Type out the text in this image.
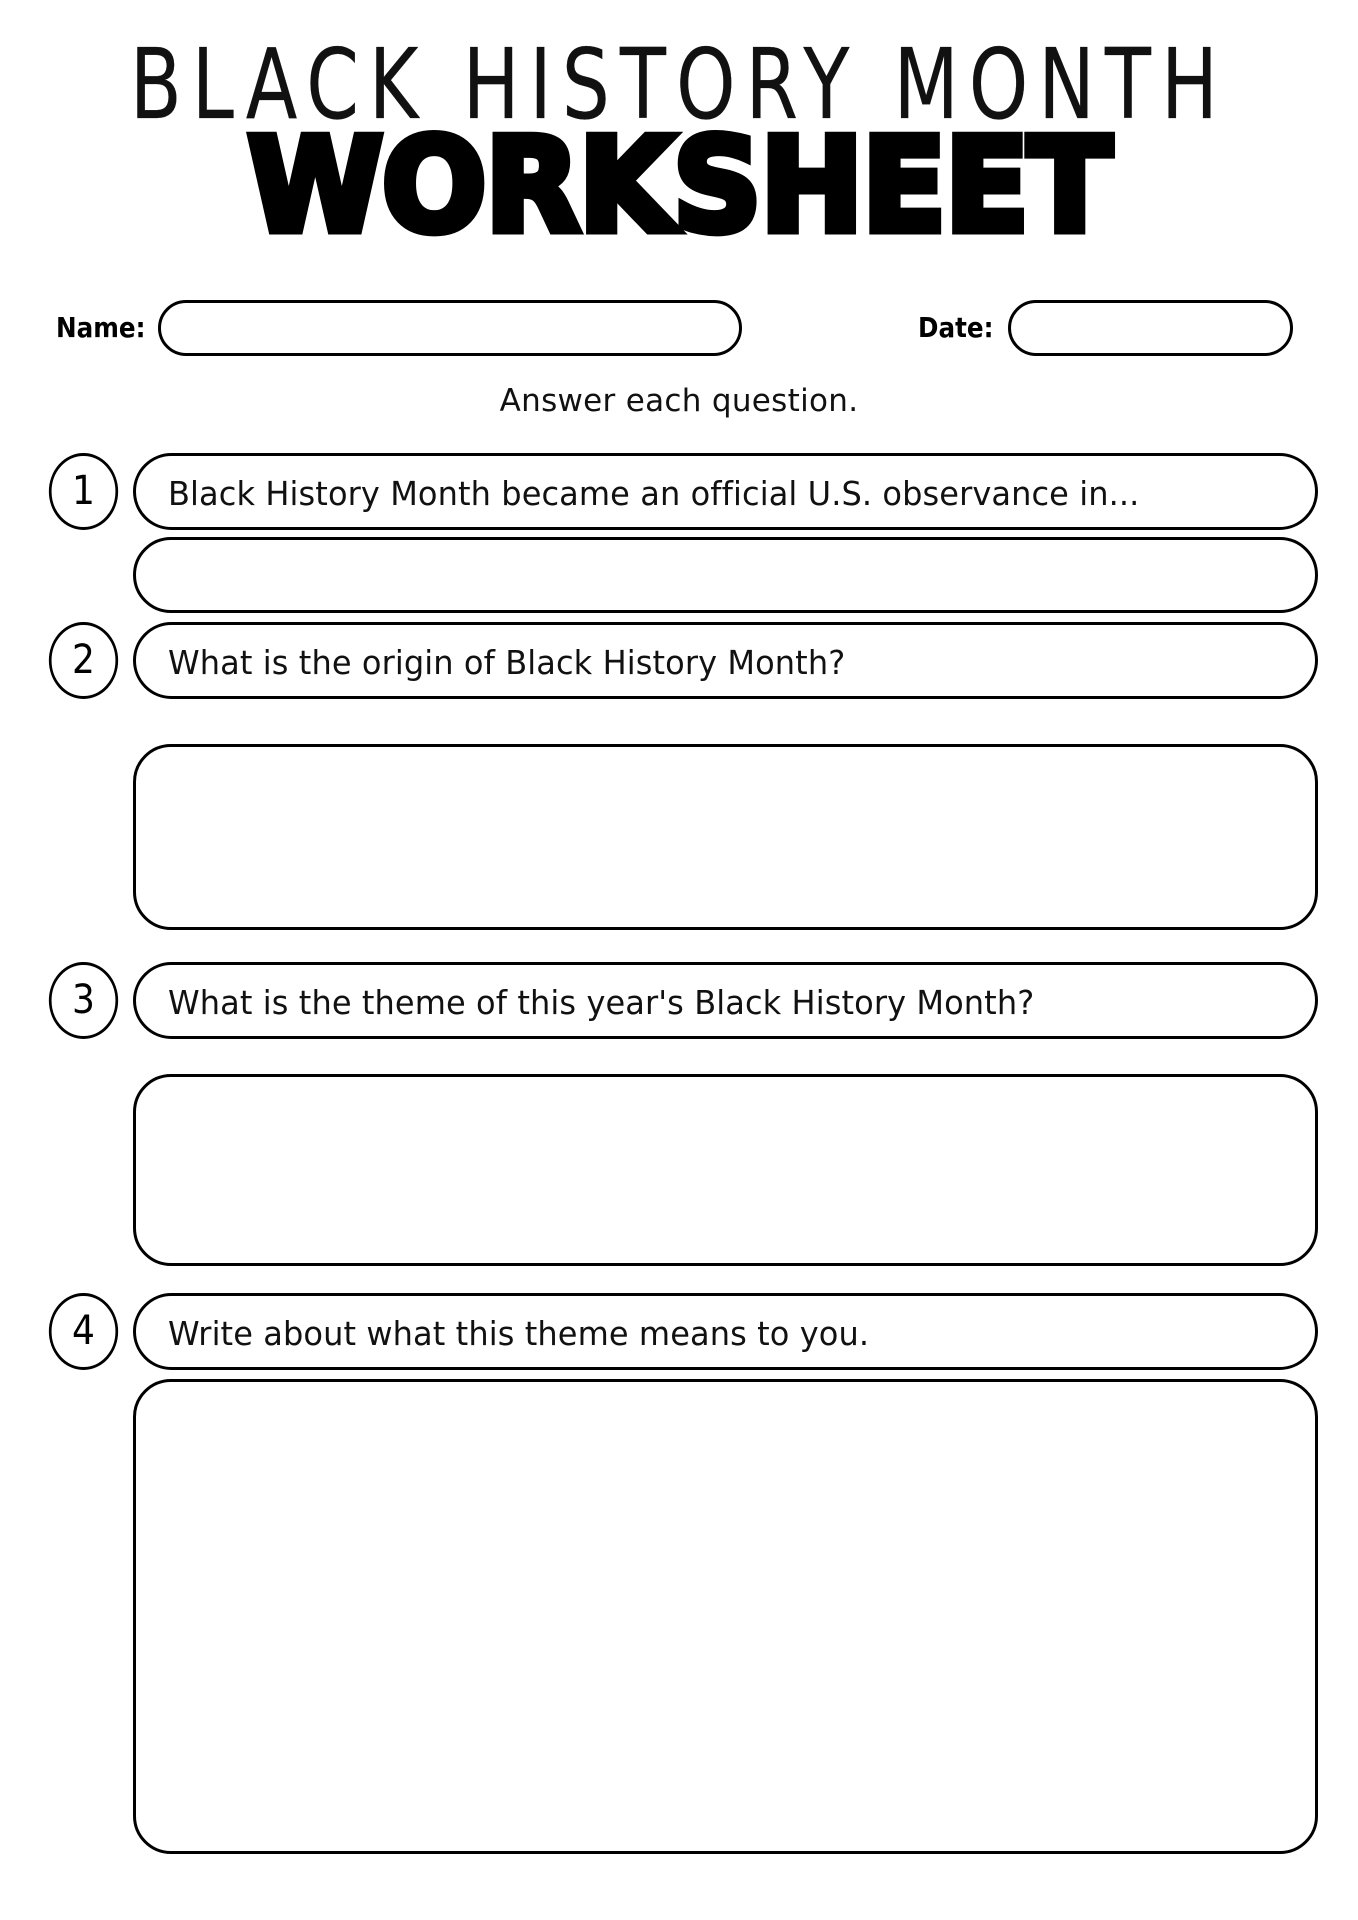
BLACK HISTORY MONTH
WORKSHEET
Name:	Date:
Answer each question.
1	Black History Month became an official U.S. observance in...
2	What is the origin of Black History Month?
3	What is the theme of this year's Black History Month?
4	Write about what this theme means to you.
